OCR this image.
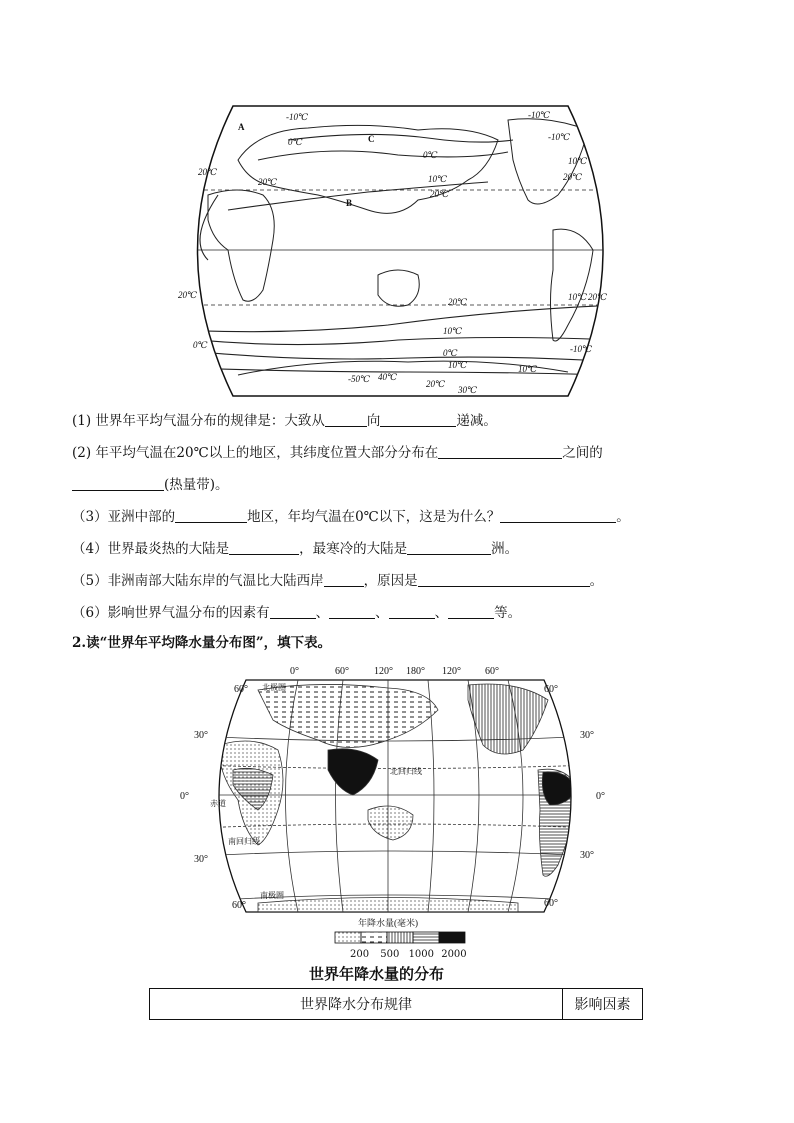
-10℃	-10℃
0℃
0℃
10℃
10℃
20℃
20℃
20℃	20℃
20℃
20℃
10℃
10℃
0℃
0℃	-10℃
-10℃
20℃
-50℃ 40℃
20℃
30℃
10℃	10℃
A
B
C
(1) 世界年平均气温分布的规律是：大致从	向	递减。
(2) 年平均气温在20℃以上的地区，其纬度位置大部分分布在	之间的
(热量带)。
（3）亚洲中部的	地区，年均气温在0℃以下，这是为什么？	。
（4）世界最炎热的大陆是	，最寒冷的大陆是	洲。
（5）非洲南部大陆东岸的气温比大陆西岸	，原因是	。
（6）影响世界气温分布的因素有	、	、	、	等。
2.读“世界年平均降水量分布图”，填下表。
0°	60°	120° 180° 120° 60°
60°
30°
0°
30°
60°
60°
30°
0°
30°
60°
北回归线
赤道
南回归线
南极圈
北极圈
年降水量(毫米)
200 500 1000 2000
世界年降水量的分布
世界降水分布规律	影响因素
